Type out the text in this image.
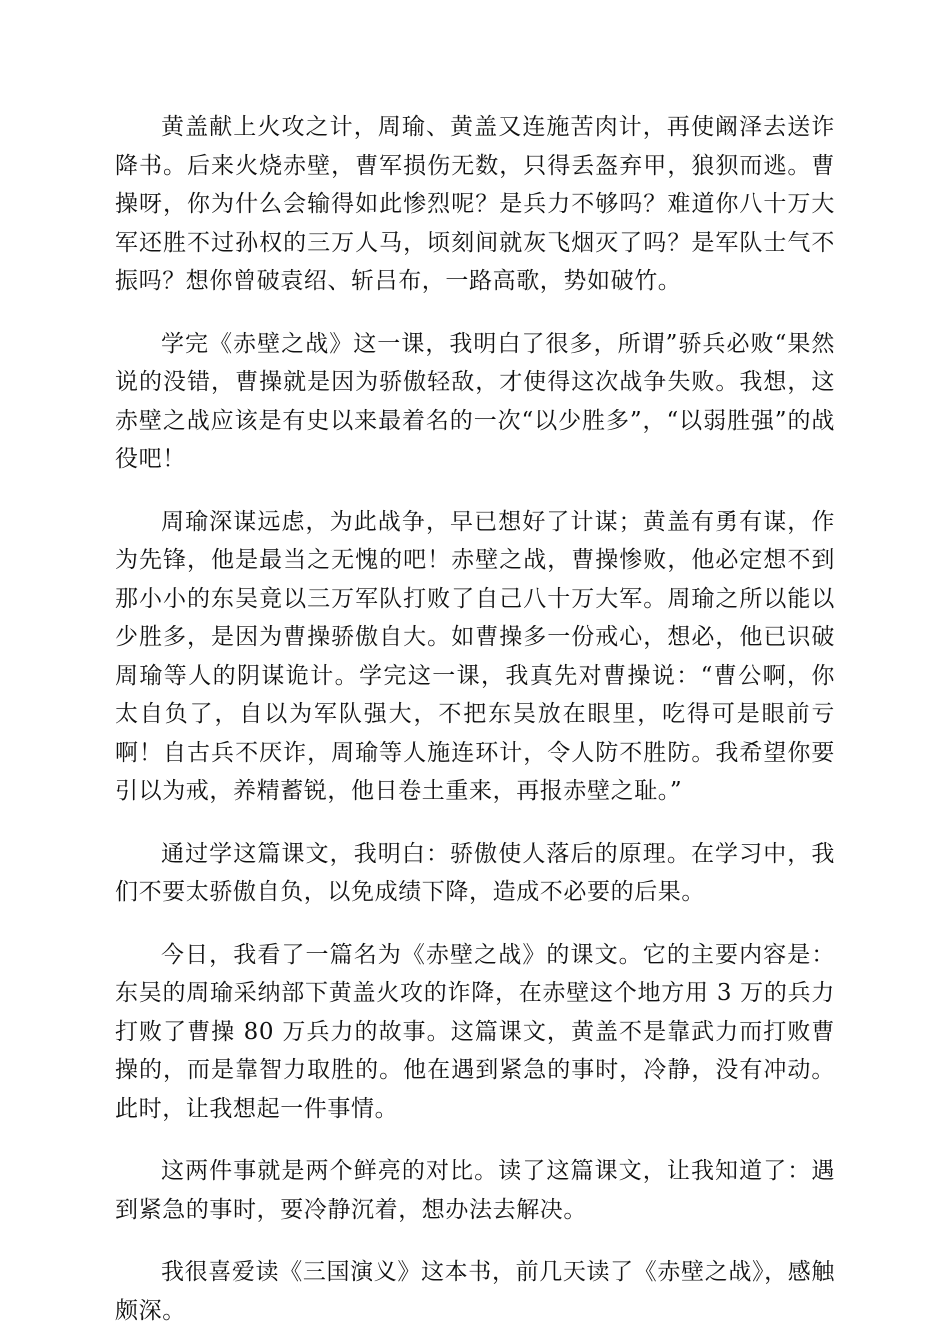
黄盖献上火攻之计，周瑜、黄盖又连施苦肉计，再使阚泽去送诈降书。后来火烧赤壁，曹军损伤无数，只得丢盔弃甲，狼狈而逃。曹操呀，你为什么会输得如此惨烈呢？是兵力不够吗？难道你八十万大军还胜不过孙权的三万人马，顷刻间就灰飞烟灭了吗？是军队士气不振吗？想你曾破袁绍、斩吕布，一路高歌，势如破竹。

学完《赤壁之战》这一课，我明白了很多，所谓”骄兵必败“果然说的没错，曹操就是因为骄傲轻敌，才使得这次战争失败。我想，这赤壁之战应该是有史以来最着名的一次“以少胜多”，“以弱胜强”的战役吧！

周瑜深谋远虑，为此战争，早已想好了计谋；黄盖有勇有谋，作为先锋，他是最当之无愧的吧！赤壁之战，曹操惨败，他必定想不到那小小的东吴竟以三万军队打败了自己八十万大军。周瑜之所以能以少胜多，是因为曹操骄傲自大。如曹操多一份戒心，想必，他已识破周瑜等人的阴谋诡计。学完这一课，我真先对曹操说：“曹公啊，你太自负了，自以为军队强大，不把东吴放在眼里，吃得可是眼前亏啊！自古兵不厌诈，周瑜等人施连环计，令人防不胜防。我希望你要引以为戒，养精蓄锐，他日卷土重来，再报赤壁之耻。”

通过学这篇课文，我明白：骄傲使人落后的原理。在学习中，我们不要太骄傲自负，以免成绩下降，造成不必要的后果。

今日，我看了一篇名为《赤壁之战》的课文。它的主要内容是：东吴的周瑜采纳部下黄盖火攻的诈降，在赤壁这个地方用 3 万的兵力打败了曹操 80 万兵力的故事。这篇课文，黄盖不是靠武力而打败曹操的，而是靠智力取胜的。他在遇到紧急的事时，冷静，没有冲动。此时，让我想起一件事情。

这两件事就是两个鲜亮的对比。读了这篇课文，让我知道了：遇到紧急的事时，要冷静沉着，想办法去解决。

我很喜爱读《三国演义》这本书，前几天读了《赤壁之战》，感触颇深。
